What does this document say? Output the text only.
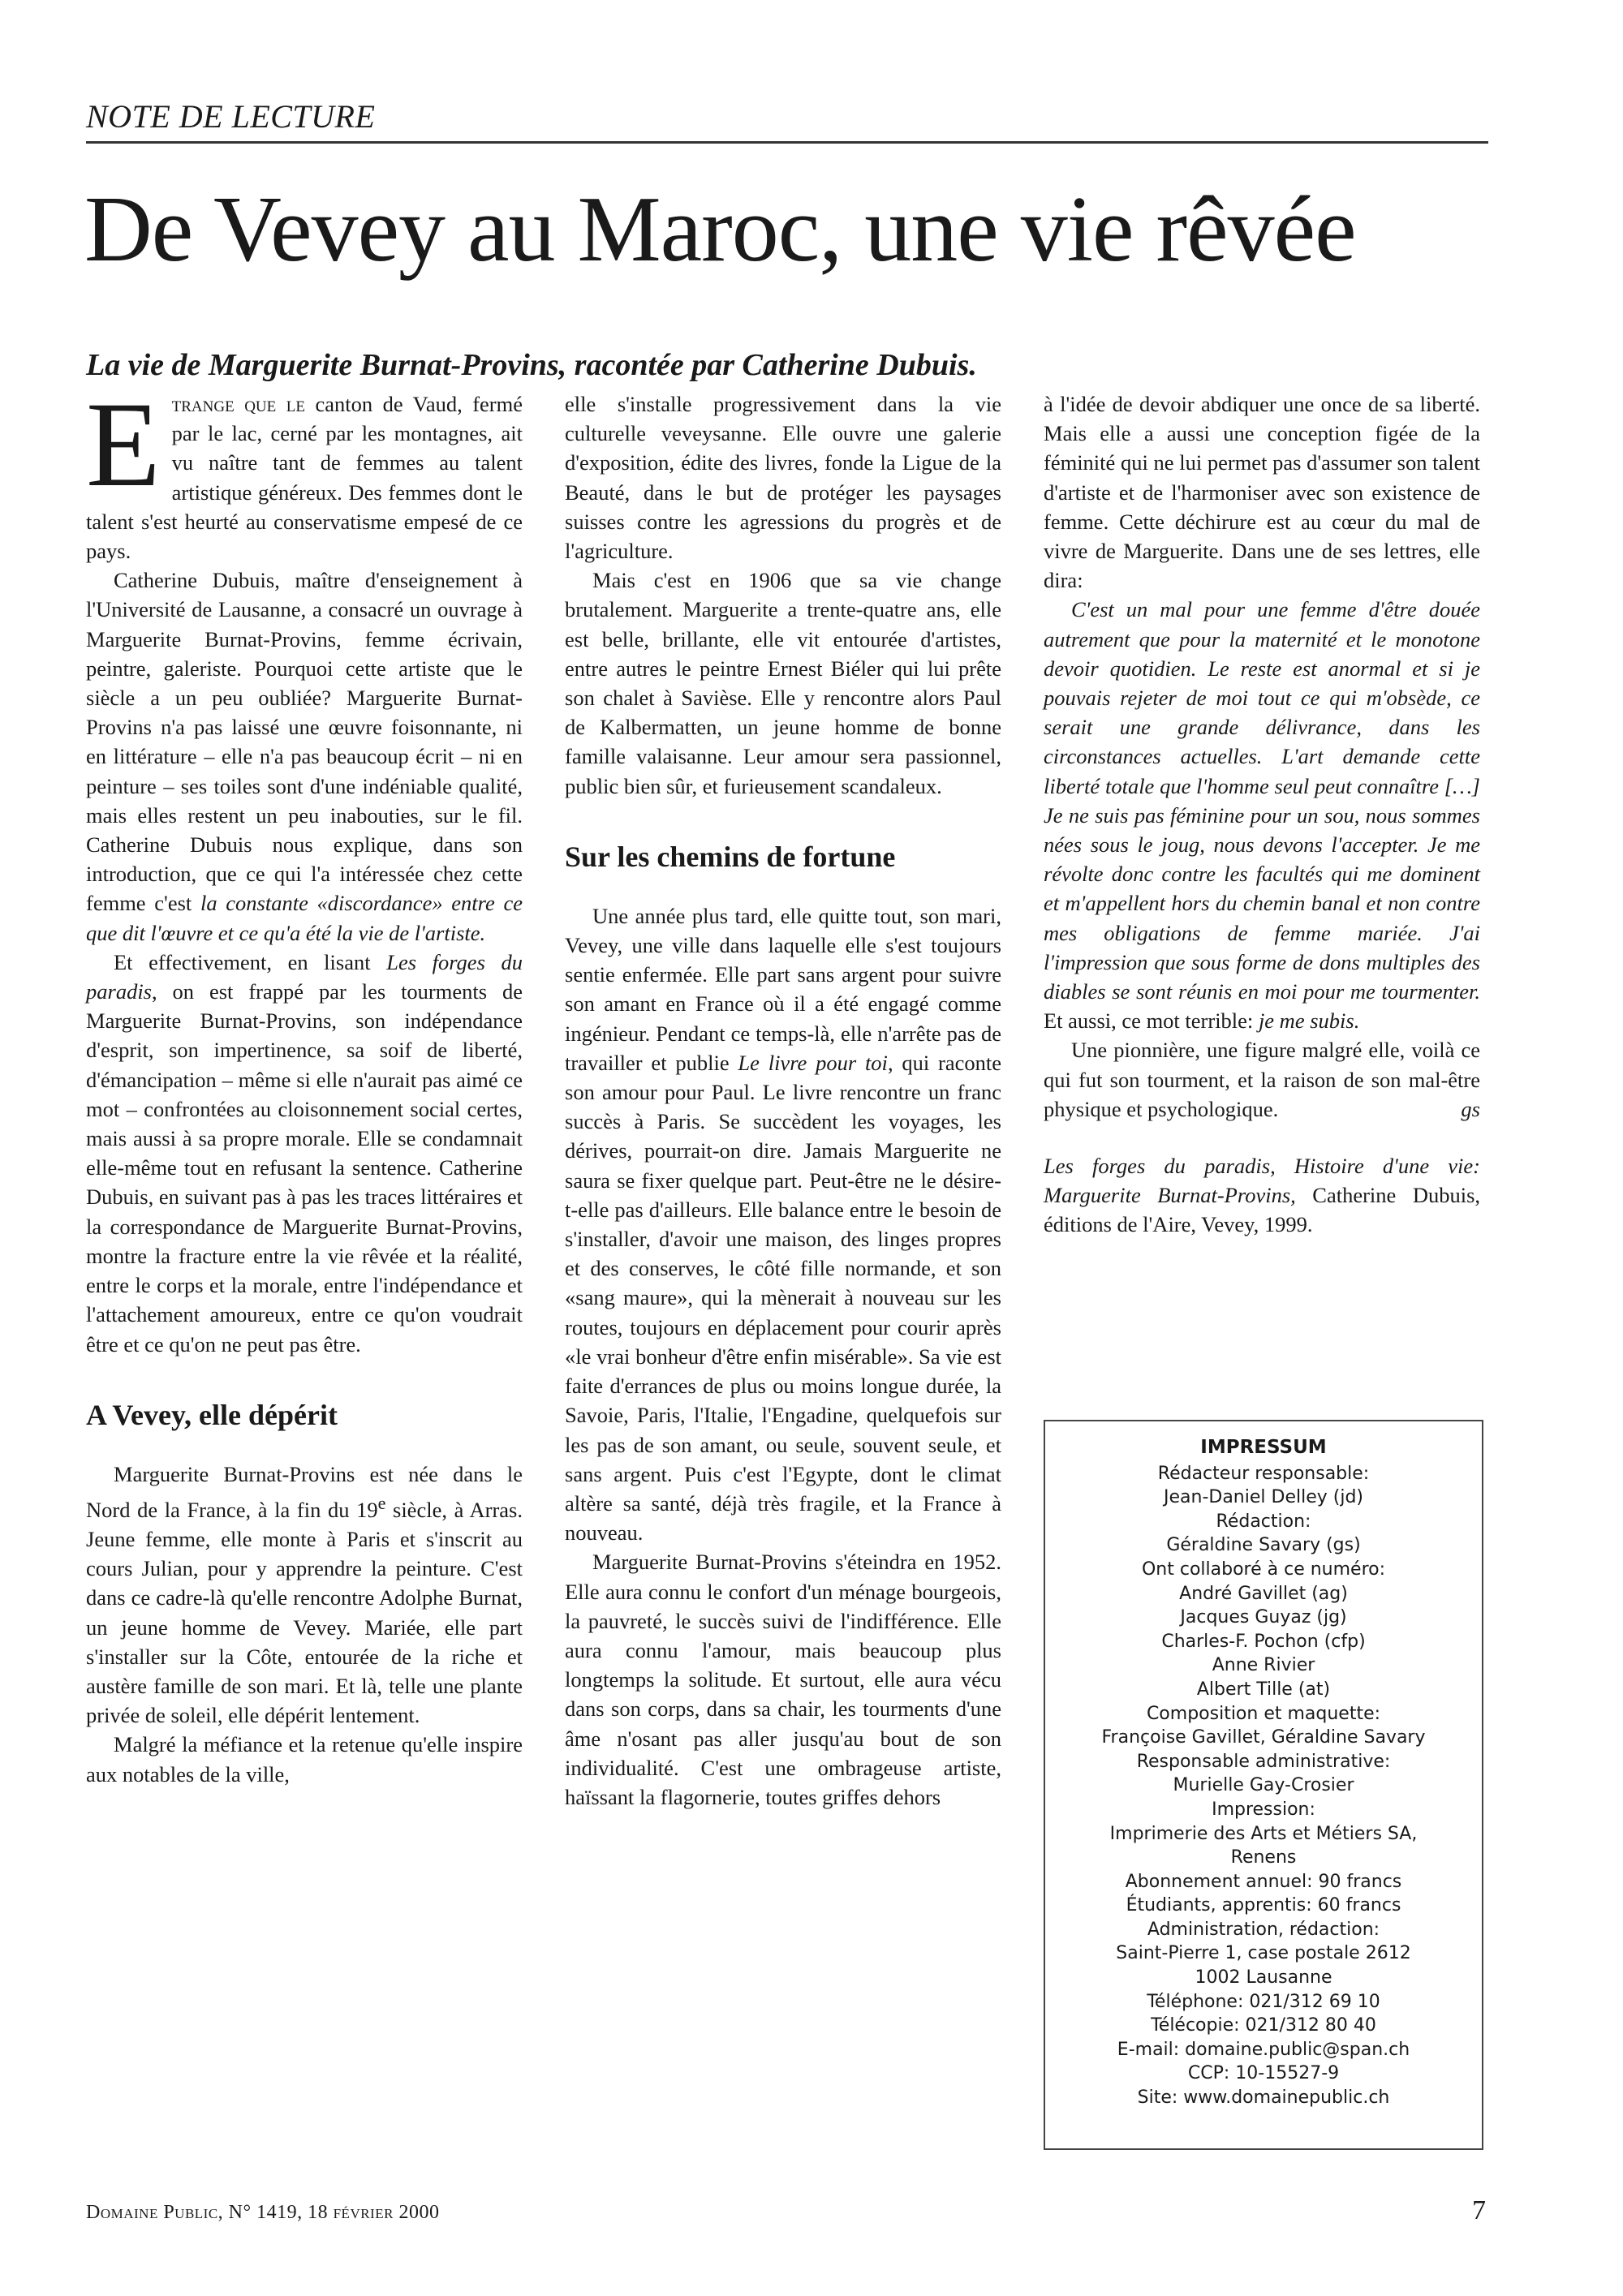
NOTE DE LECTURE
De Vevey au Maroc, une vie rêvée

La vie de Marguerite Burnat-Provins, racontée par Catherine Dubuis.

Etrange que le canton de Vaud, fermé par le lac, cerné par les montagnes, ait vu naître tant de femmes au talent artistique généreux. Des femmes dont le talent s'est heurté au conservatisme empesé de ce pays.

Catherine Dubuis, maître d'enseignement à l'Université de Lausanne, a consacré un ouvrage à Marguerite Burnat-Provins, femme écrivain, peintre, galeriste. Pourquoi cette artiste que le siècle a un peu oubliée? Marguerite Burnat-Provins n'a pas laissé une œuvre foisonnante, ni en littérature – elle n'a pas beaucoup écrit – ni en peinture – ses toiles sont d'une indéniable qualité, mais elles restent un peu inabouties, sur le fil. Catherine Dubuis nous explique, dans son introduction, que ce qui l'a intéressée chez cette femme c'est la constante «discordance» entre ce que dit l'œuvre et ce qu'a été la vie de l'artiste.

Et effectivement, en lisant Les forges du paradis, on est frappé par les tourments de Marguerite Burnat-Provins, son indépendance d'esprit, son impertinence, sa soif de liberté, d'émancipation – même si elle n'aurait pas aimé ce mot – confrontées au cloisonnement social certes, mais aussi à sa propre morale. Elle se condamnait elle-même tout en refusant la sentence. Catherine Dubuis, en suivant pas à pas les traces littéraires et la correspondance de Marguerite Burnat-Provins, montre la fracture entre la vie rêvée et la réalité, entre le corps et la morale, entre l'indépendance et l'attachement amoureux, entre ce qu'on voudrait être et ce qu'on ne peut pas être.

A Vevey, elle dépérit

Marguerite Burnat-Provins est née dans le Nord de la France, à la fin du 19e siècle, à Arras. Jeune femme, elle monte à Paris et s'inscrit au cours Julian, pour y apprendre la peinture. C'est dans ce cadre-là qu'elle rencontre Adolphe Burnat, un jeune homme de Vevey. Mariée, elle part s'installer sur la Côte, entourée de la riche et austère famille de son mari. Et là, telle une plante privée de soleil, elle dépérit lentement.

Malgré la méfiance et la retenue qu'elle inspire aux notables de la ville,

elle s'installe progressivement dans la vie culturelle veveysanne. Elle ouvre une galerie d'exposition, édite des livres, fonde la Ligue de la Beauté, dans le but de protéger les paysages suisses contre les agressions du progrès et de l'agriculture.

Mais c'est en 1906 que sa vie change brutalement. Marguerite a trente-quatre ans, elle est belle, brillante, elle vit entourée d'artistes, entre autres le peintre Ernest Biéler qui lui prête son chalet à Savièse. Elle y rencontre alors Paul de Kalbermatten, un jeune homme de bonne famille valaisanne. Leur amour sera passionnel, public bien sûr, et furieusement scandaleux.

Sur les chemins de fortune

Une année plus tard, elle quitte tout, son mari, Vevey, une ville dans laquelle elle s'est toujours sentie enfermée. Elle part sans argent pour suivre son amant en France où il a été engagé comme ingénieur. Pendant ce temps-là, elle n'arrête pas de travailler et publie Le livre pour toi, qui raconte son amour pour Paul. Le livre rencontre un franc succès à Paris. Se succèdent les voyages, les dérives, pourrait-on dire. Jamais Marguerite ne saura se fixer quelque part. Peut-être ne le désire-t-elle pas d'ailleurs. Elle balance entre le besoin de s'installer, d'avoir une maison, des linges propres et des conserves, le côté fille normande, et son «sang maure», qui la mènerait à nouveau sur les routes, toujours en déplacement pour courir après «le vrai bonheur d'être enfin misérable». Sa vie est faite d'errances de plus ou moins longue durée, la Savoie, Paris, l'Italie, l'Engadine, quelquefois sur les pas de son amant, ou seule, souvent seule, et sans argent. Puis c'est l'Egypte, dont le climat altère sa santé, déjà très fragile, et la France à nouveau.

Marguerite Burnat-Provins s'éteindra en 1952. Elle aura connu le confort d'un ménage bourgeois, la pauvreté, le succès suivi de l'indifférence. Elle aura connu l'amour, mais beaucoup plus longtemps la solitude. Et surtout, elle aura vécu dans son corps, dans sa chair, les tourments d'une âme n'osant pas aller jusqu'au bout de son individualité. C'est une ombrageuse artiste, haïssant la flagornerie, toutes griffes dehors

à l'idée de devoir abdiquer une once de sa liberté. Mais elle a aussi une conception figée de la féminité qui ne lui permet pas d'assumer son talent d'artiste et de l'harmoniser avec son existence de femme. Cette déchirure est au cœur du mal de vivre de Marguerite. Dans une de ses lettres, elle dira:

C'est un mal pour une femme d'être douée autrement que pour la maternité et le monotone devoir quotidien. Le reste est anormal et si je pouvais rejeter de moi tout ce qui m'obsède, ce serait une grande délivrance, dans les circonstances actuelles. L'art demande cette liberté totale que l'homme seul peut connaître […] Je ne suis pas féminine pour un sou, nous sommes nées sous le joug, nous devons l'accepter. Je me révolte donc contre les facultés qui me dominent et m'appellent hors du chemin banal et non contre mes obligations de femme mariée. J'ai l'impression que sous forme de dons multiples des diables se sont réunis en moi pour me tourmenter. Et aussi, ce mot terrible: je me subis.

Une pionnière, une figure malgré elle, voilà ce qui fut son tourment, et la raison de son mal-être physique et psychologique.	gs

Les forges du paradis, Histoire d'une vie: Marguerite Burnat-Provins, Catherine Dubuis, éditions de l'Aire, Vevey, 1999.

IMPRESSUM
Rédacteur responsable:
Jean-Daniel Delley (jd)
Rédaction:
Géraldine Savary (gs)
Ont collaboré à ce numéro:
André Gavillet (ag)
Jacques Guyaz (jg)
Charles-F. Pochon (cfp)
Anne Rivier
Albert Tille (at)
Composition et maquette:
Françoise Gavillet, Géraldine Savary
Responsable administrative:
Murielle Gay-Crosier
Impression:
Imprimerie des Arts et Métiers SA,
Renens
Abonnement annuel: 90 francs
Étudiants, apprentis: 60 francs
Administration, rédaction:
Saint-Pierre 1, case postale 2612
1002 Lausanne
Téléphone: 021/312 69 10
Télécopie: 021/312 80 40
E-mail: domaine.public@span.ch
CCP: 10-15527-9
Site: www.domainepublic.ch
Domaine Public, N° 1419, 18 février 2000	7
